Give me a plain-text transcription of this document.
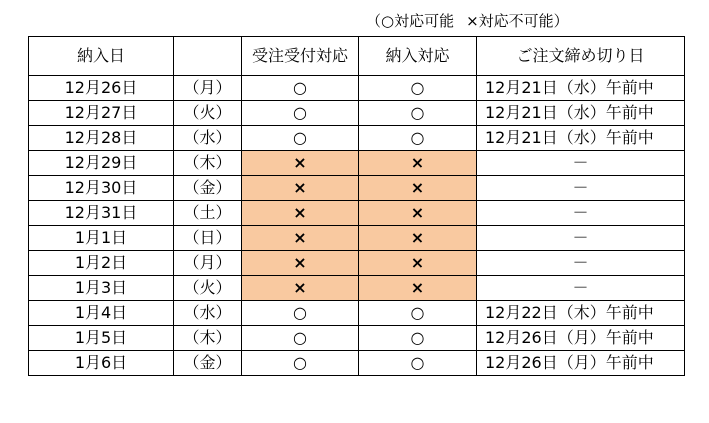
（○対応可能 ×対応不可能）
納入日		受注受付対応	納入対応	ご注文締め切り日
12月26日	（月）	○	○	12月21日（水）午前中
12月27日	（火）	○	○	12月21日（水）午前中
12月28日	（水）	○	○	12月21日（水）午前中
12月29日	（木）	×	×	－
12月30日	（金）	×	×	－
12月31日	（土）	×	×	－
1月1日	（日）	×	×	－
1月2日	（月）	×	×	－
1月3日	（火）	×	×	－
1月4日	（水）	○	○	12月22日（木）午前中
1月5日	（木）	○	○	12月26日（月）午前中
1月6日	（金）	○	○	12月26日（月）午前中
